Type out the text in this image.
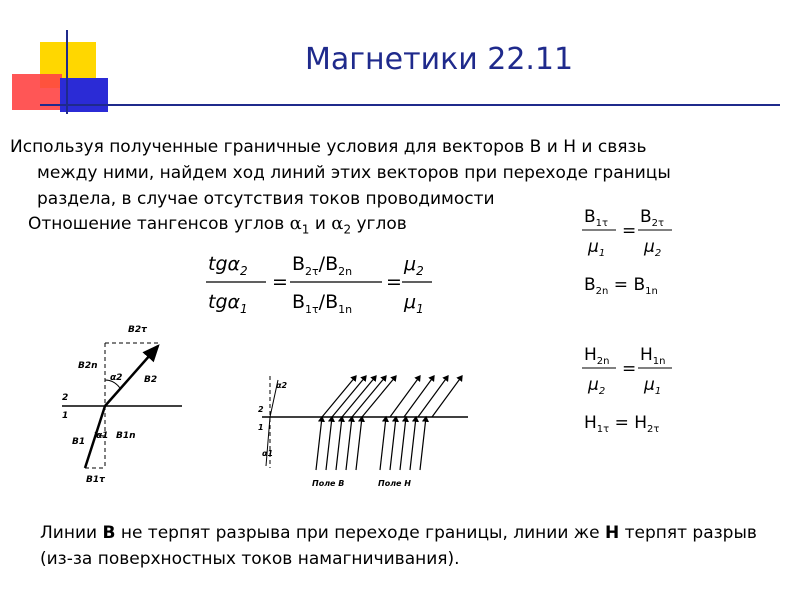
Магнетики 22.11
Используя полученные граничные условия для векторов B и H и связь
между ними, найдем ход линий этих векторов при переходе границы
раздела, в случае отсутствия токов проводимости
Отношение тангенсов углов $\alpha_1$ и $\alpha_2$ углов
tgα$_2$
tgα$_1$
=
$B_{2\tau}/B_{2n}$
$B_{1\tau}/B_{1n}$
=
$\mu_2$
$\mu_1$
$B_{1\tau}$
$\mu_1$
=
$B_{2\tau}$
$\mu_2$
$B_{2n} = B_{1n}$
$H_{2n}$
$\mu_2$
=
$H_{1n}$
$\mu_1$
$H_{1\tau} = H_{2\tau}$
B2τ
B2n
α2 B2
2
1
α1 B1n
B1
B1τ
α2
2
1
α1
Поле B	Поле H
Линии B не терпят разрыва при переходе границы, линии же H терпят разрыв (из-за поверхностных токов намагничивания).
